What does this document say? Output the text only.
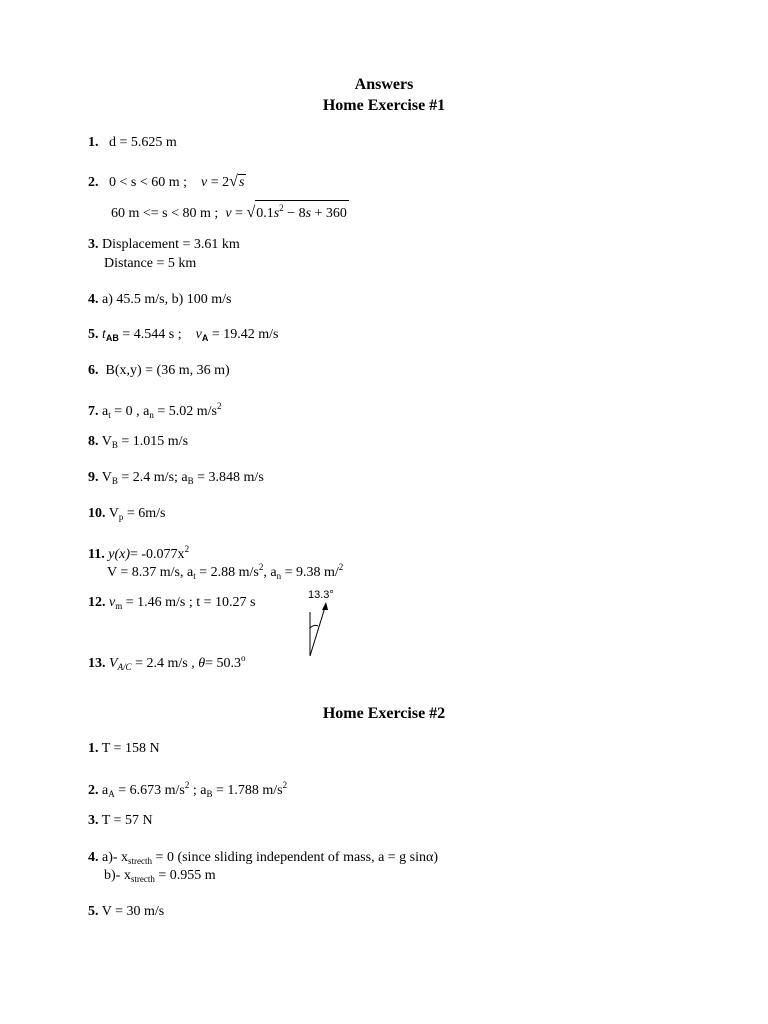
Answers
Home Exercise #1
1. d = 5.625 m
2. 0 < s < 60 m ; v = 2√s
60 m <= s < 80 m ; $v = √0.1s^2 - 8s + 360$
3. Displacement = 3.61 km
Distance = 5 km
4. a) 45.5 m/s, b) 100 m/s
5. $t_{AB} = 4.544$ s ; $v_A = 19.42$ m/s
6. B(x,y) = (36 m, 36 m)
7. $a_t = 0$ , $a_n = 5.02$ $m/s^2$
8. $V_B = 1.015$ m/s
9. $V_B = 2.4$ m/s; $a_B = 3.848$ m/s
10. $V_p = 6m/s$
11. $y(x)= -0.077x^2$
V = 8.37 m/s, $a_t = 2.88$ $m/s^2$, $a_n = 9.38$ m/$^2$
12. $v_m = 1.46$ m/s ; t = 10.27 s	13.3°
13. $V_{A/C} = 2.4$ m/s , $\theta= 50.3^o$
Home Exercise #2
1. T = 158 N
2. $a_A = 6.673$ $m/s^2$ ; $a_B = 1.788$ $m/s^2$
3. T = 57 N
4. a)- $x_{strecth} = 0$ (since sliding independent of mass, a = g sinα)
b)- $x_{strecth} = 0.955$ m
5. V = 30 m/s
